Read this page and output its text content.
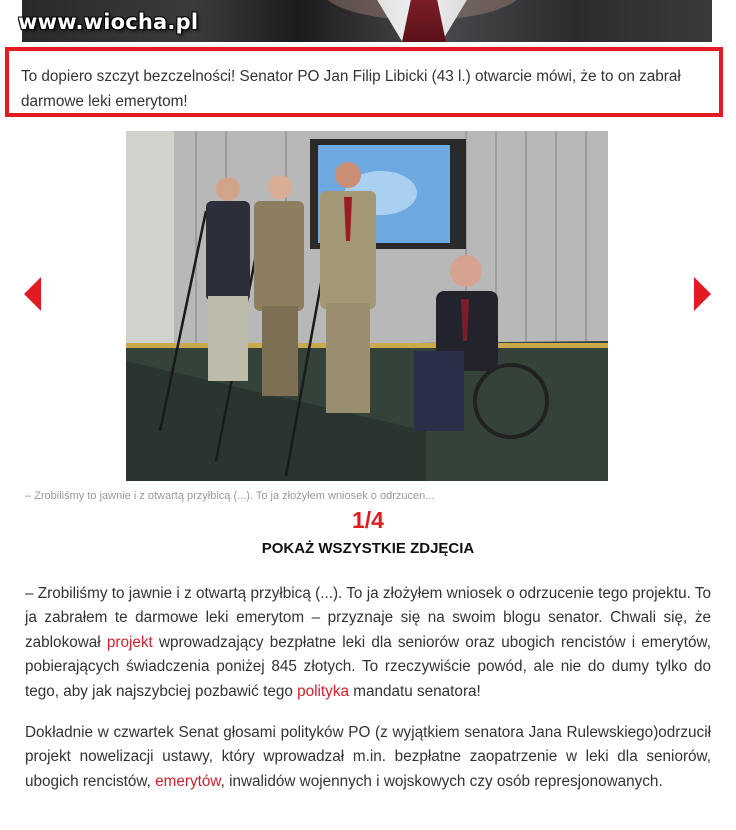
www.wiocha.pl

To dopiero szczyt bezczelności! Senator PO Jan Filip Libicki (43 l.) otwarcie mówi, że to on zabrał darmowe leki emerytom!

– Zrobiliśmy to jawnie i z otwartą przyłbicą (...). To ja złożyłem wniosek o odrzucen...

1/4

POKAŻ WSZYSTKIE ZDJĘCIA

– Zrobiliśmy to jawnie i z otwartą przyłbicą (...). To ja złożyłem wniosek o odrzucenie tego projektu. To ja zabrałem te darmowe leki emerytom – przyznaje się na swoim blogu senator. Chwali się, że zablokował projekt wprowadzający bezpłatne leki dla seniorów oraz ubogich rencistów i emerytów, pobierających świadczenia poniżej 845 złotych. To rzeczywiście powód, ale nie do dumy tylko do tego, aby jak najszybciej pozbawić tego polityka mandatu senatora!

Dokładnie w czwartek Senat głosami polityków PO (z wyjątkiem senatora Jana Rulewskiego)odrzucił projekt nowelizacji ustawy, który wprowadzał m.in. bezpłatne zaopatrzenie w leki dla seniorów, ubogich rencistów, emerytów, inwalidów wojennych i wojskowych czy osób represjonowanych.
